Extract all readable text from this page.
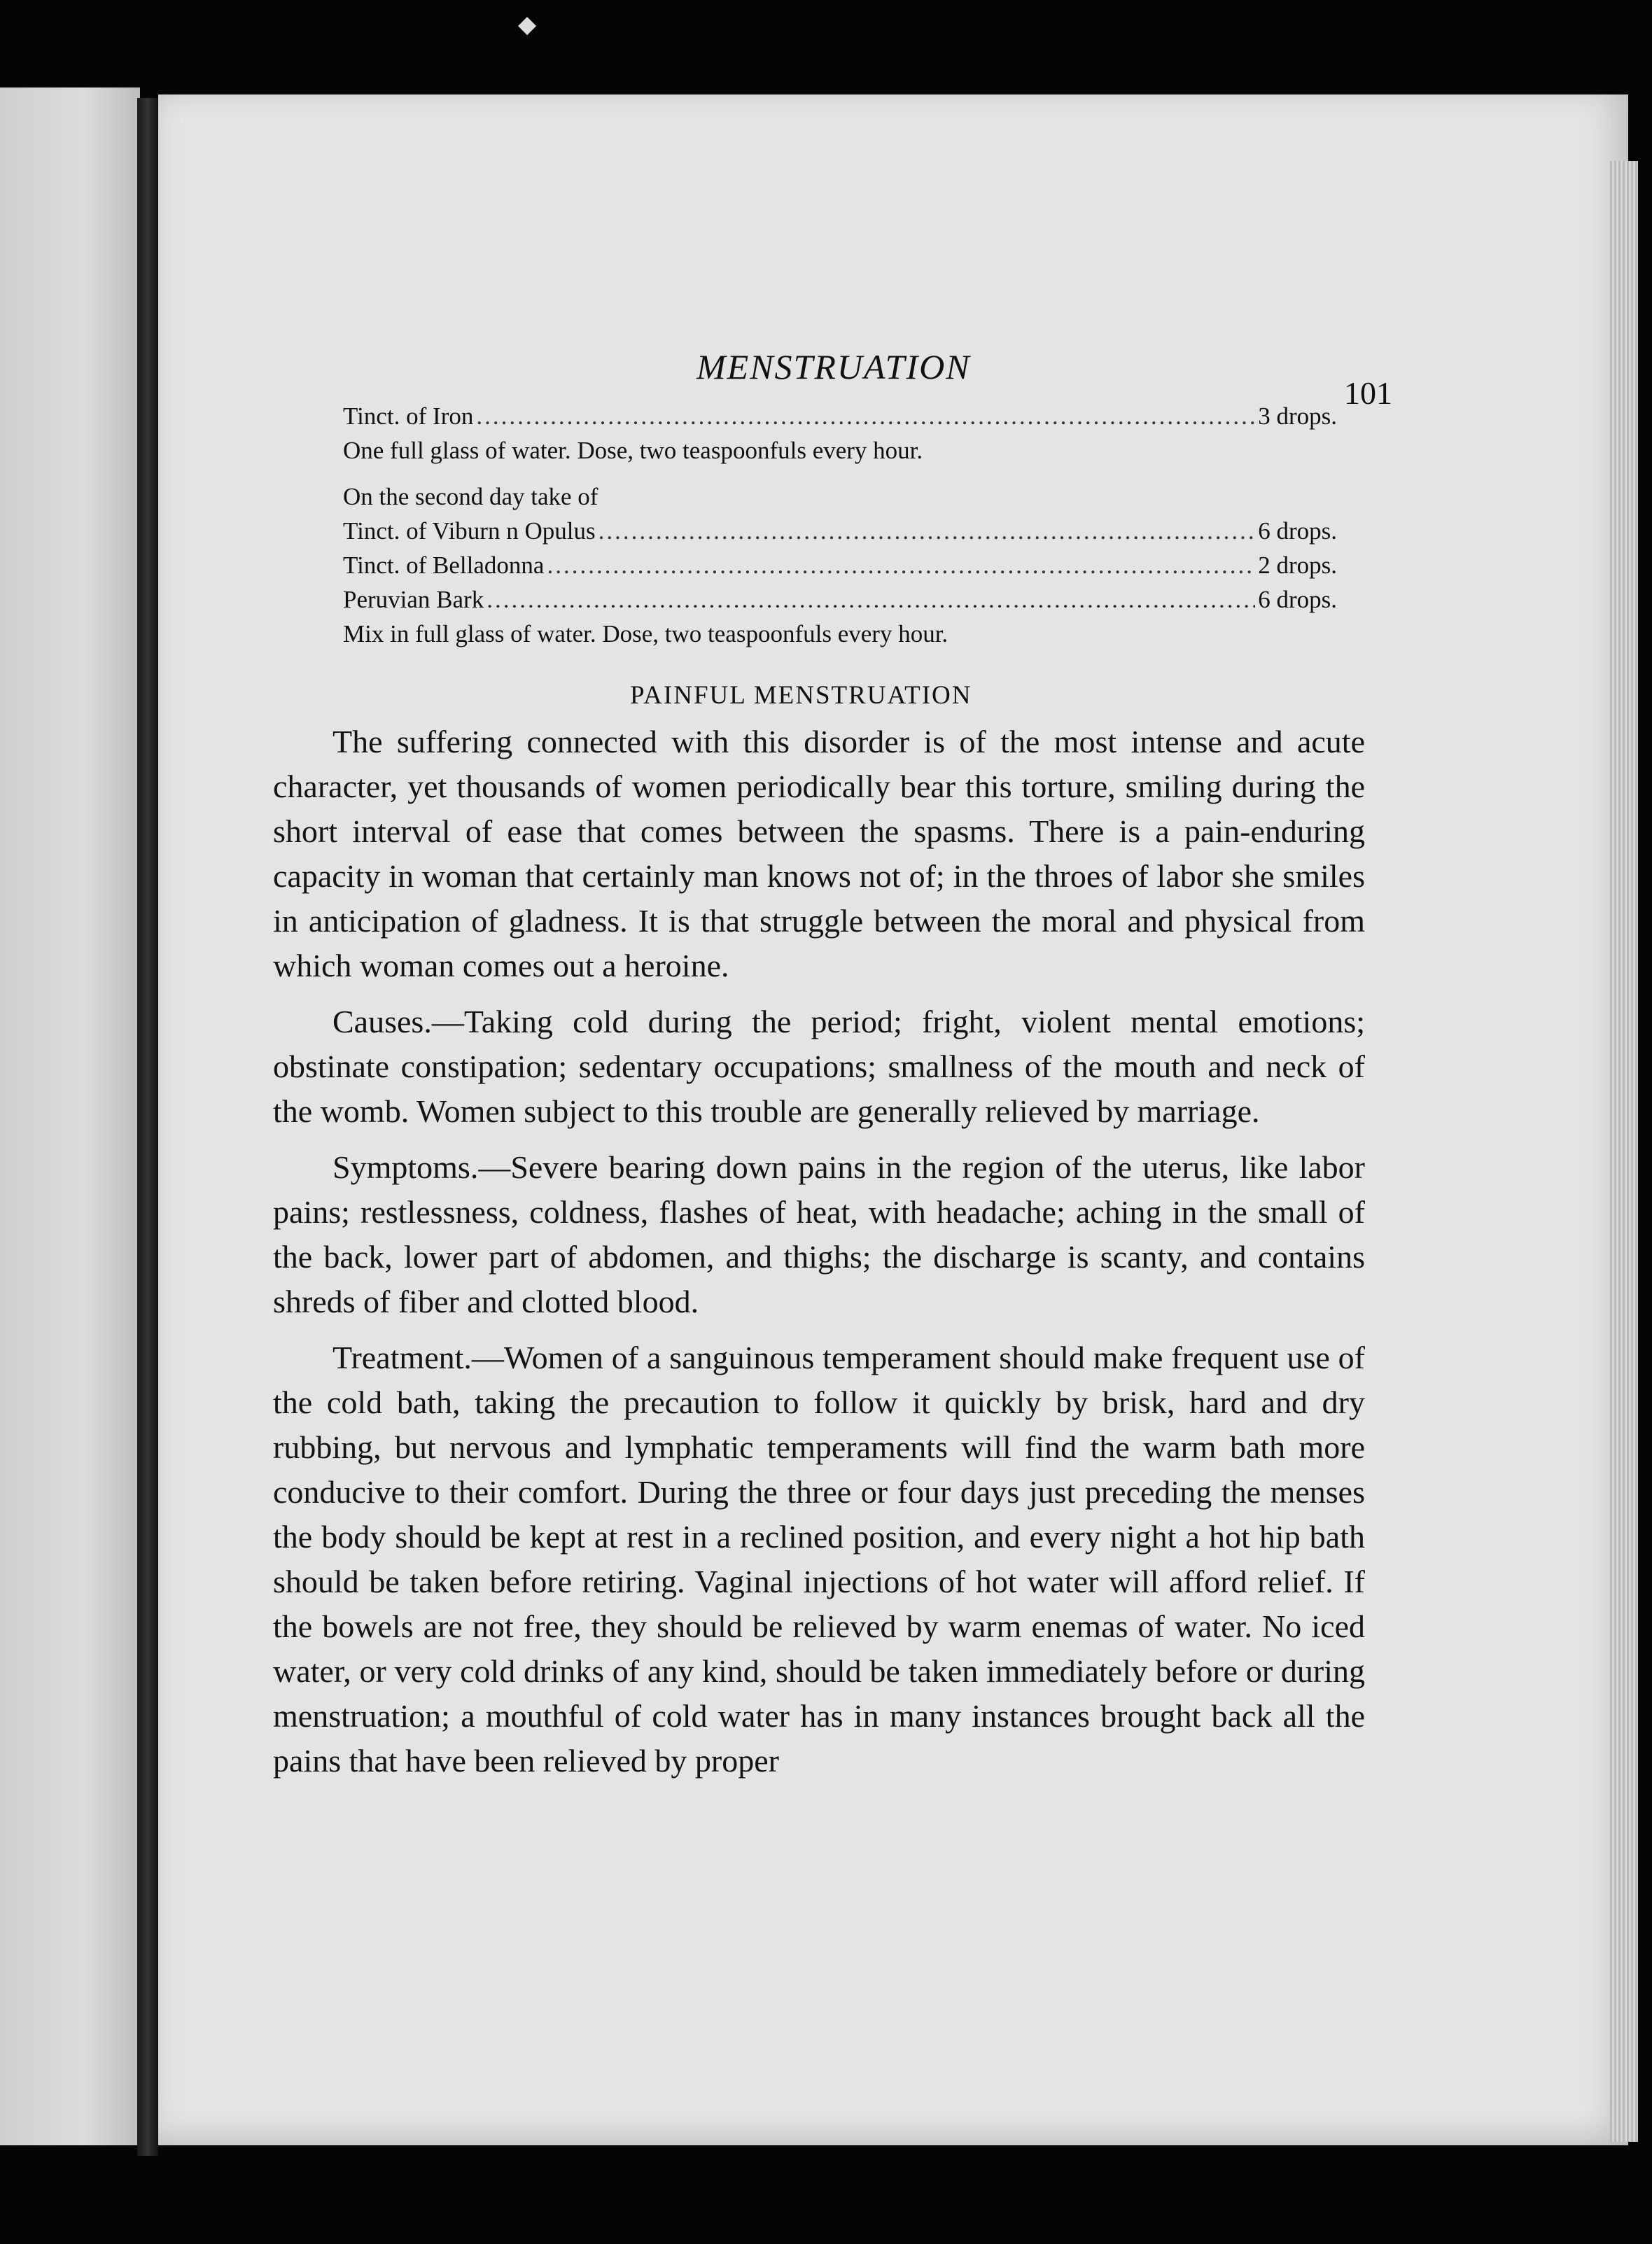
◆
MENSTRUATION
101
Tinct. of Iron .....	3 drops.
One full glass of water. Dose, two teaspoonfuls every hour.
On the second day take of
Tinct. of Viburn n Opulus .....	6 drops.
Tinct. of Belladonna .....	2 drops.
Peruvian Bark .....	6 drops.
Mix in full glass of water. Dose, two teaspoonfuls every hour.
PAINFUL MENSTRUATION

The suffering connected with this disorder is of the most intense and acute character, yet thousands of women periodically bear this torture, smiling during the short interval of ease that comes between the spasms. There is a pain-enduring capacity in woman that certainly man knows not of; in the throes of labor she smiles in anticipation of gladness. It is that struggle between the moral and physical from which woman comes out a heroine.

Causes.—Taking cold during the period; fright, violent mental emotions; obstinate constipation; sedentary occupations; smallness of the mouth and neck of the womb. Women subject to this trouble are generally relieved by marriage.

Symptoms.—Severe bearing down pains in the region of the uterus, like labor pains; restlessness, coldness, flashes of heat, with headache; aching in the small of the back, lower part of abdomen, and thighs; the discharge is scanty, and contains shreds of fiber and clotted blood.

Treatment.—Women of a sanguinous temperament should make frequent use of the cold bath, taking the precaution to follow it quickly by brisk, hard and dry rubbing, but nervous and lymphatic temperaments will find the warm bath more conducive to their comfort. During the three or four days just preceding the menses the body should be kept at rest in a reclined position, and every night a hot hip bath should be taken before retiring. Vaginal injections of hot water will afford relief. If the bowels are not free, they should be relieved by warm enemas of water. No iced water, or very cold drinks of any kind, should be taken immediately before or during menstruation; a mouthful of cold water has in many instances brought back all the pains that have been relieved by proper
